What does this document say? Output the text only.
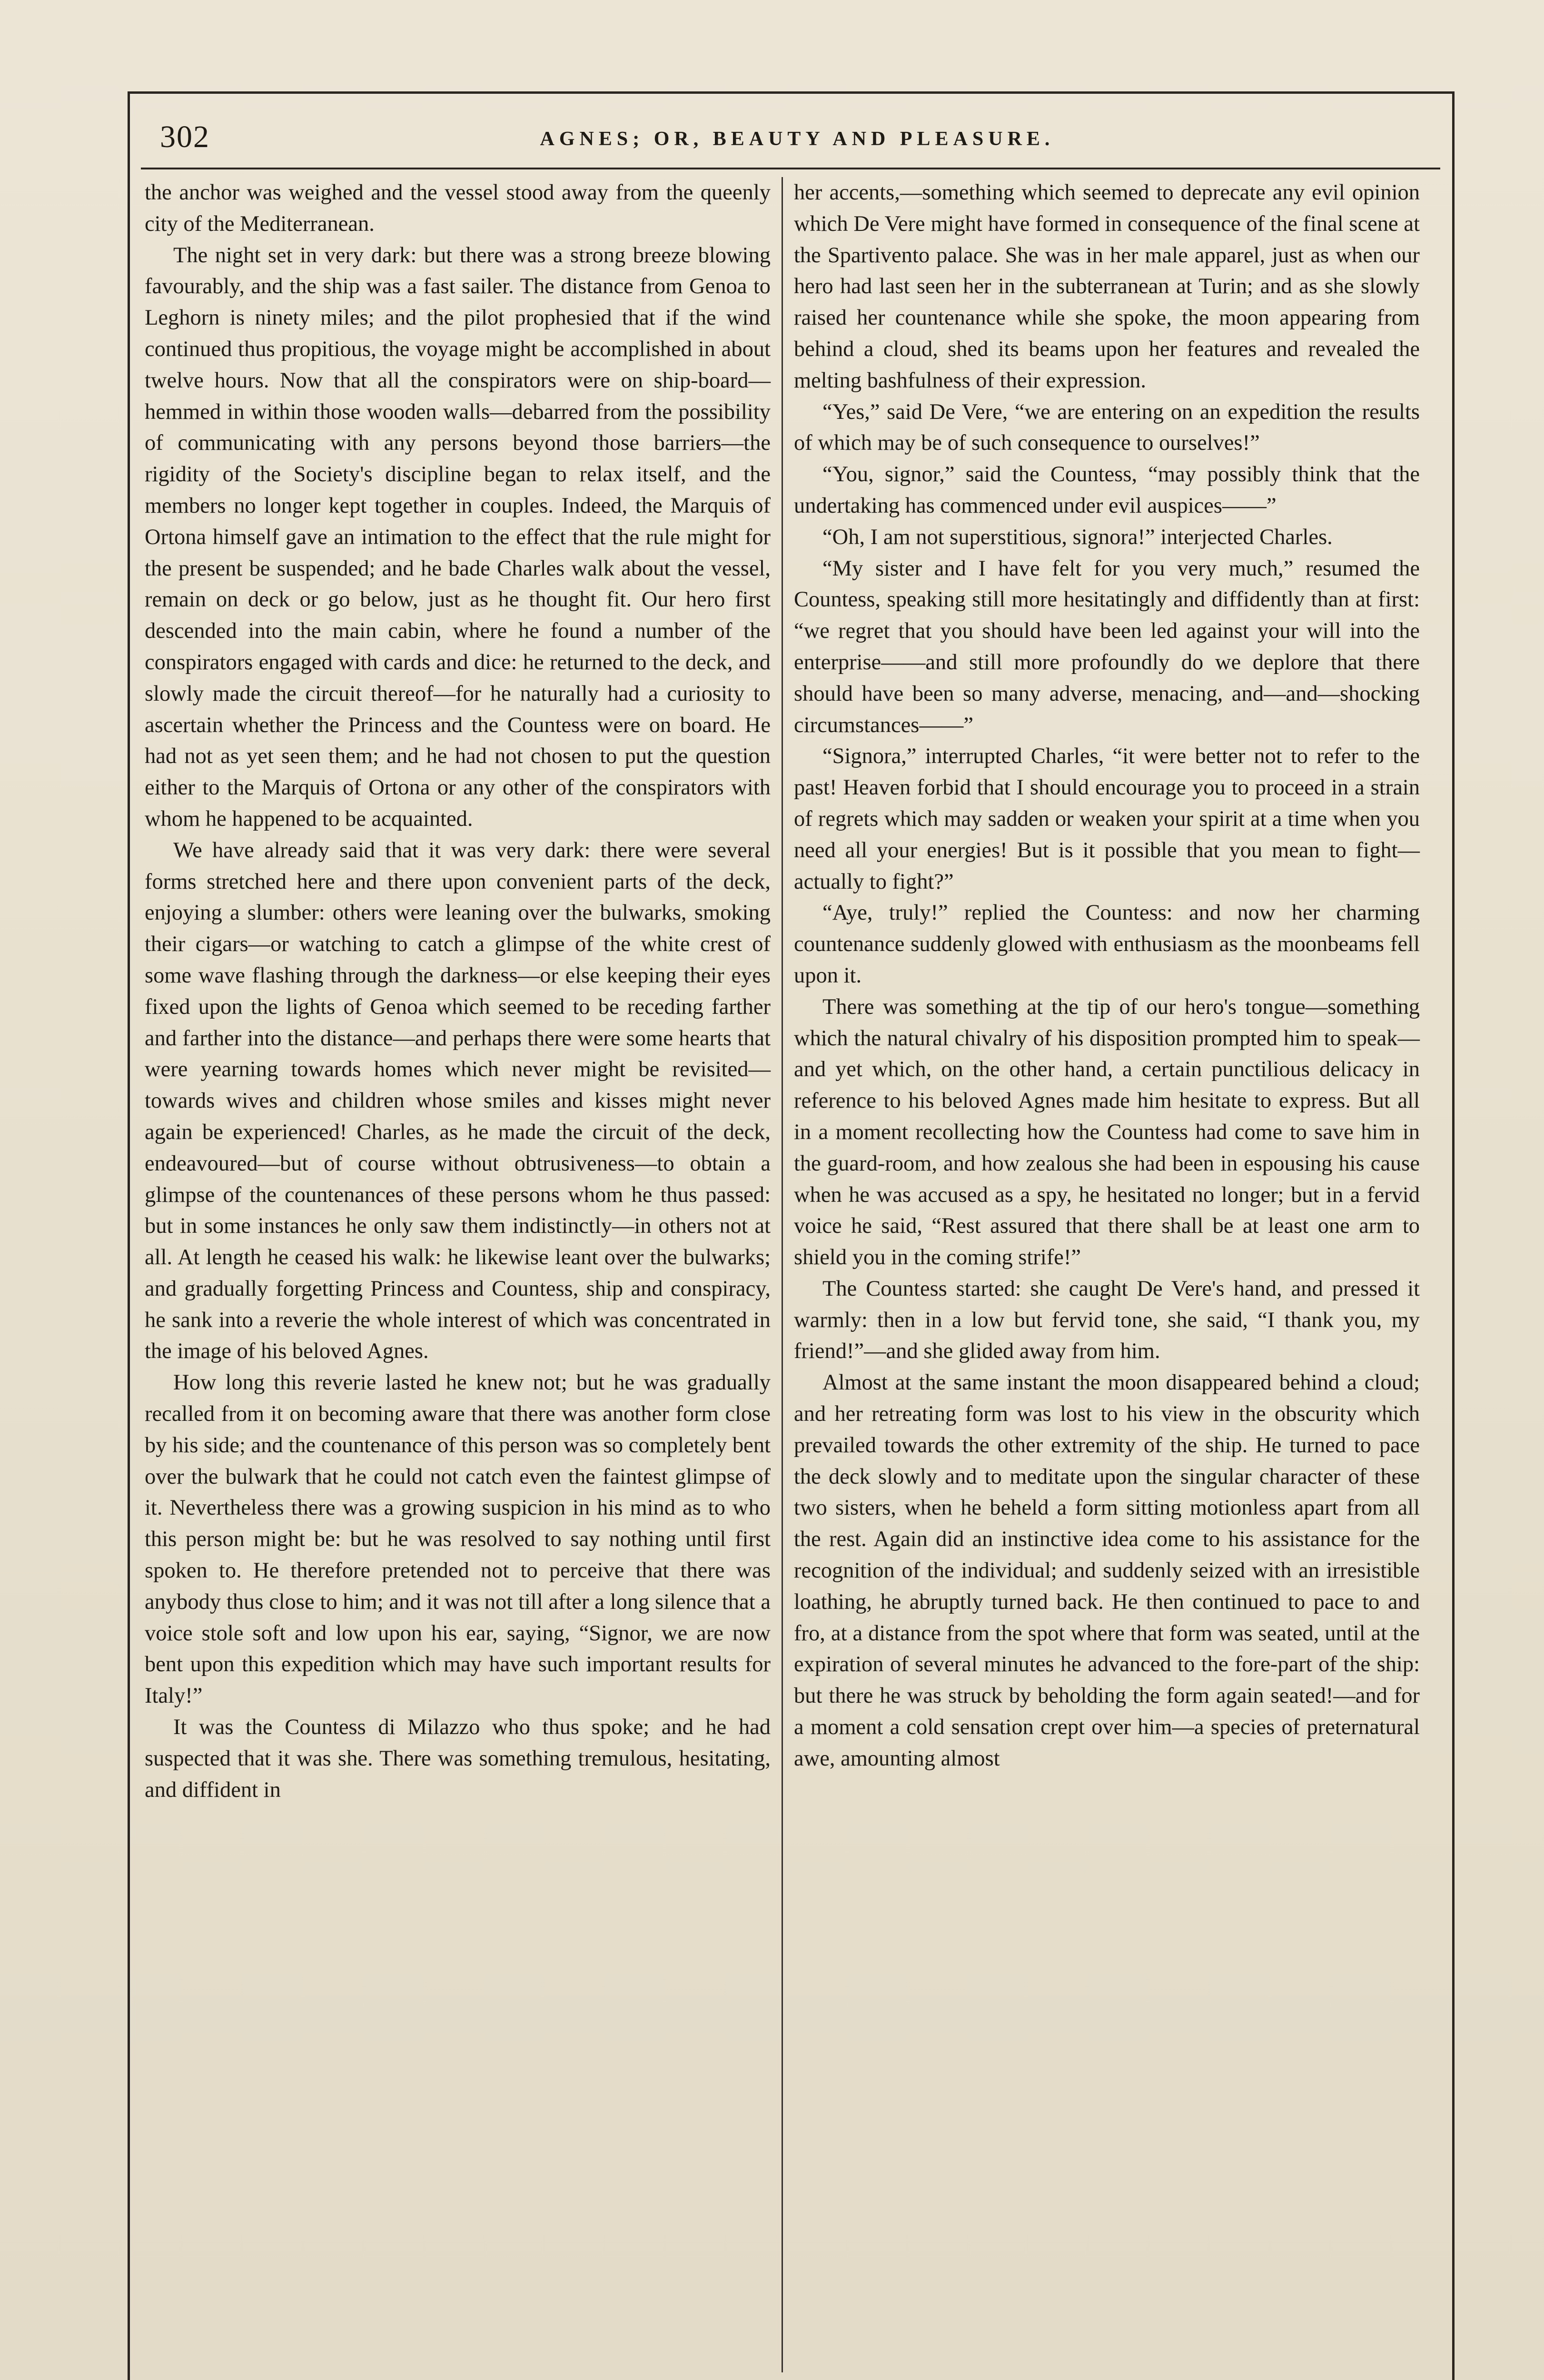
302	AGNES; OR, BEAUTY AND PLEASURE.

the anchor was weighed and the vessel stood away from the queenly city of the Mediterranean.

The night set in very dark: but there was a strong breeze blowing favourably, and the ship was a fast sailer. The distance from Genoa to Leghorn is ninety miles; and the pilot prophesied that if the wind continued thus propitious, the voyage might be accomplished in about twelve hours. Now that all the conspirators were on ship-board—hemmed in within those wooden walls—debarred from the possibility of communicating with any persons beyond those barriers—the rigidity of the Society's discipline began to relax itself, and the members no longer kept together in couples. Indeed, the Marquis of Ortona himself gave an intimation to the effect that the rule might for the present be suspended; and he bade Charles walk about the vessel, remain on deck or go below, just as he thought fit. Our hero first descended into the main cabin, where he found a number of the conspirators engaged with cards and dice: he returned to the deck, and slowly made the circuit thereof—for he naturally had a curiosity to ascertain whether the Princess and the Countess were on board. He had not as yet seen them; and he had not chosen to put the question either to the Marquis of Ortona or any other of the conspirators with whom he happened to be acquainted.

We have already said that it was very dark: there were several forms stretched here and there upon convenient parts of the deck, enjoying a slumber: others were leaning over the bulwarks, smoking their cigars—or watching to catch a glimpse of the white crest of some wave flashing through the darkness—or else keeping their eyes fixed upon the lights of Genoa which seemed to be receding farther and farther into the distance—and perhaps there were some hearts that were yearning towards homes which never might be revisited—towards wives and children whose smiles and kisses might never again be experienced! Charles, as he made the circuit of the deck, endeavoured—but of course without obtrusiveness—to obtain a glimpse of the countenances of these persons whom he thus passed: but in some instances he only saw them indistinctly—in others not at all. At length he ceased his walk: he likewise leant over the bulwarks; and gradually forgetting Princess and Countess, ship and conspiracy, he sank into a reverie the whole interest of which was concentrated in the image of his beloved Agnes.

How long this reverie lasted he knew not; but he was gradually recalled from it on becoming aware that there was another form close by his side; and the countenance of this person was so completely bent over the bulwark that he could not catch even the faintest glimpse of it. Nevertheless there was a growing suspicion in his mind as to who this person might be: but he was resolved to say nothing until first spoken to. He therefore pretended not to perceive that there was anybody thus close to him; and it was not till after a long silence that a voice stole soft and low upon his ear, saying, “Signor, we are now bent upon this expedition which may have such important results for Italy!”

It was the Countess di Milazzo who thus spoke; and he had suspected that it was she. There was something tremulous, hesitating, and diffident in

her accents,—something which seemed to deprecate any evil opinion which De Vere might have formed in consequence of the final scene at the Spartivento palace. She was in her male apparel, just as when our hero had last seen her in the subterranean at Turin; and as she slowly raised her countenance while she spoke, the moon appearing from behind a cloud, shed its beams upon her features and revealed the melting bashfulness of their expression.

“Yes,” said De Vere, “we are entering on an expedition the results of which may be of such consequence to ourselves!”

“You, signor,” said the Countess, “may possibly think that the undertaking has commenced under evil auspices——”

“Oh, I am not superstitious, signora!” interjected Charles.

“My sister and I have felt for you very much,” resumed the Countess, speaking still more hesitatingly and diffidently than at first: “we regret that you should have been led against your will into the enterprise——and still more profoundly do we deplore that there should have been so many adverse, menacing, and—and—shocking circumstances——”

“Signora,” interrupted Charles, “it were better not to refer to the past! Heaven forbid that I should encourage you to proceed in a strain of regrets which may sadden or weaken your spirit at a time when you need all your energies! But is it possible that you mean to fight—actually to fight?”

“Aye, truly!” replied the Countess: and now her charming countenance suddenly glowed with enthusiasm as the moonbeams fell upon it.

There was something at the tip of our hero's tongue—something which the natural chivalry of his disposition prompted him to speak—and yet which, on the other hand, a certain punctilious delicacy in reference to his beloved Agnes made him hesitate to express. But all in a moment recollecting how the Countess had come to save him in the guard-room, and how zealous she had been in espousing his cause when he was accused as a spy, he hesitated no longer; but in a fervid voice he said, “Rest assured that there shall be at least one arm to shield you in the coming strife!”

The Countess started: she caught De Vere's hand, and pressed it warmly: then in a low but fervid tone, she said, “I thank you, my friend!”—and she glided away from him.

Almost at the same instant the moon disappeared behind a cloud; and her retreating form was lost to his view in the obscurity which prevailed towards the other extremity of the ship. He turned to pace the deck slowly and to meditate upon the singular character of these two sisters, when he beheld a form sitting motionless apart from all the rest. Again did an instinctive idea come to his assistance for the recognition of the individual; and suddenly seized with an irresistible loathing, he abruptly turned back. He then continued to pace to and fro, at a distance from the spot where that form was seated, until at the expiration of several minutes he advanced to the fore-part of the ship: but there he was struck by beholding the form again seated!—and for a moment a cold sensation crept over him—a species of preternatural awe, amounting almost
